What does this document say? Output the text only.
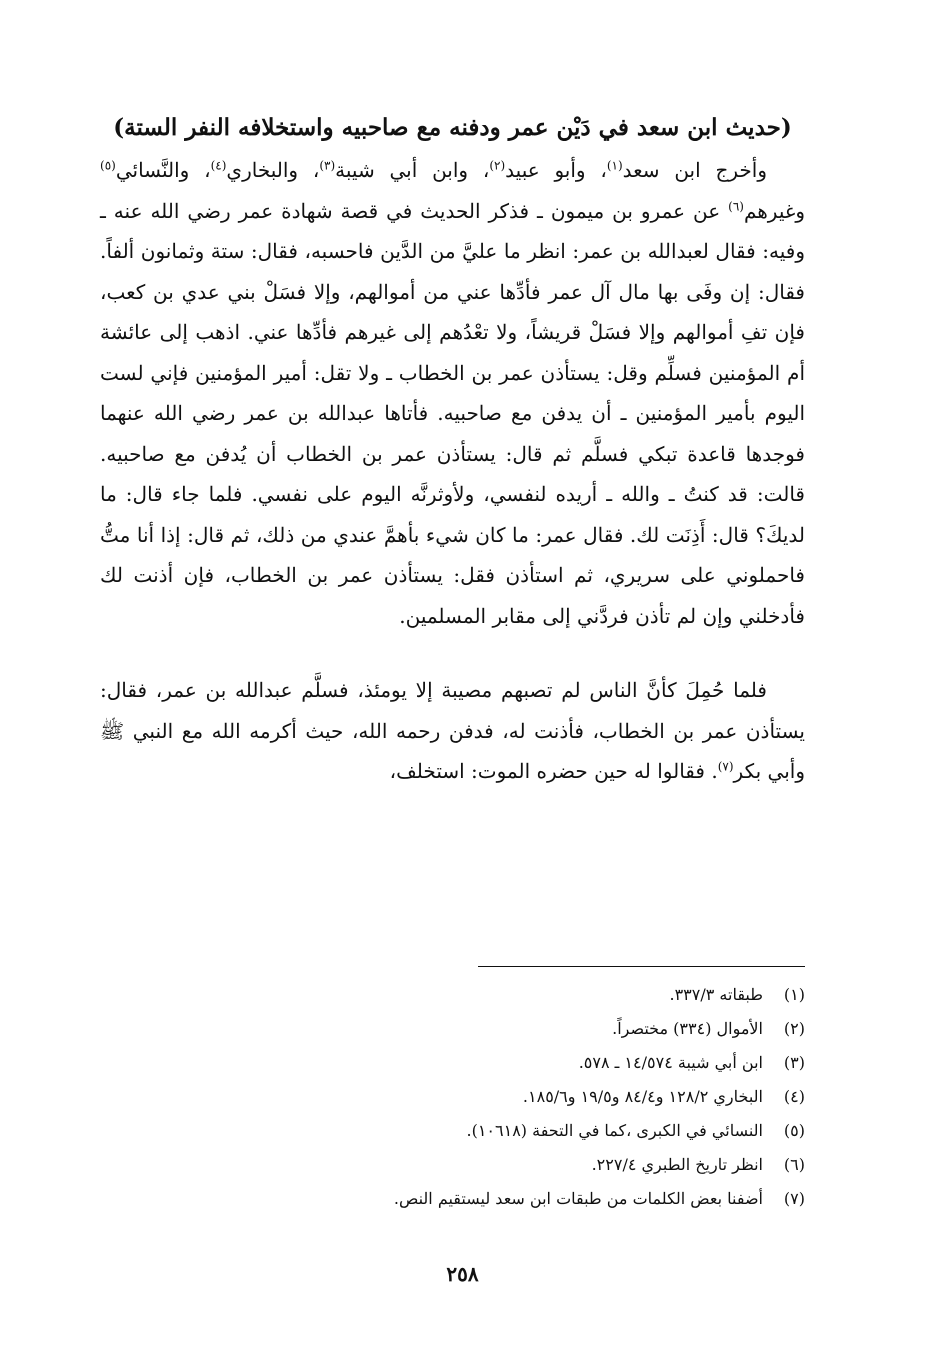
(حديث ابن سعد في دَيْن عمر ودفنه مع صاحبيه واستخلافه النفر الستة)

وأخرج ابن سعد$^{(١)}$، وأبو عبيد$^{(٢)}$، وابن أبي شيبة$^{(٣)}$، والبخاري$^{(٤)}$، والنَّسائي$^{(٥)}$ وغيرهم$^{(٦)}$ عن عمرو بن ميمون ـ فذكر الحديث في قصة شهادة عمر رضي الله عنه ـ وفيه: فقال لعبدالله بن عمر: انظر ما عليَّ من الدَّين فاحسبه، فقال: ستة وثمانون ألفاً. فقال: إن وفَى بها مال آل عمر فأدِّها عني من أموالهم، وإلا فسَلْ بني عدي بن كعب، فإن تفِ أموالهم وإلا فسَلْ قريشاً، ولا تعْدُهم إلى غيرهم فأدِّها عني. اذهب إلى عائشة أم المؤمنين فسلِّم وقل: يستأذن عمر بن الخطاب ـ ولا تقل: أمير المؤمنين فإني لست اليوم بأمير المؤمنين ـ أن يدفن مع صاحبيه. فأتاها عبدالله بن عمر رضي الله عنهما فوجدها قاعدة تبكي فسلَّم ثم قال: يستأذن عمر بن الخطاب أن يُدفن مع صاحبيه. قالت: قد كنتُ ـ والله ـ أريده لنفسي، ولأوثرنَّه اليوم على نفسي. فلما جاء قال: ما لديكَ؟ قال: أَذِنَت لك. فقال عمر: ما كان شيء بأهمَّ عندي من ذلك، ثم قال: إذا أنا متُّ فاحملوني على سريري، ثم استأذن فقل: يستأذن عمر بن الخطاب، فإن أذنت لك فأدخلني وإن لم تأذن فردَّني إلى مقابر المسلمين.

فلما حُمِلَ كأنَّ الناس لم تصبهم مصيبة إلا يومئذ، فسلَّم عبدالله بن عمر، فقال: يستأذن عمر بن الخطاب، فأذنت له، فدفن رحمه الله، حيث أكرمه الله مع النبي ﷺ وأبي بكر$^{(٧)}$. فقالوا له حين حضره الموت: استخلف،

(١)
طبقاته ٣٣٧/٣.
(٢)
الأموال (٣٣٤) مختصراً.
(٣)
ابن أبي شيبة ١٤/٥٧٤ ـ ٥٧٨.
(٤)
البخاري ١٢٨/٢ و٨٤/٤ و١٩/٥ و١٨٥/٦.
(٥)
النسائي في الكبرى ،كما في التحفة (١٠٦١٨).
(٦)
انظر تاريخ الطبري ٢٢٧/٤.
(٧)
أضفنا بعض الكلمات من طبقات ابن سعد ليستقيم النص.
٢٥٨
